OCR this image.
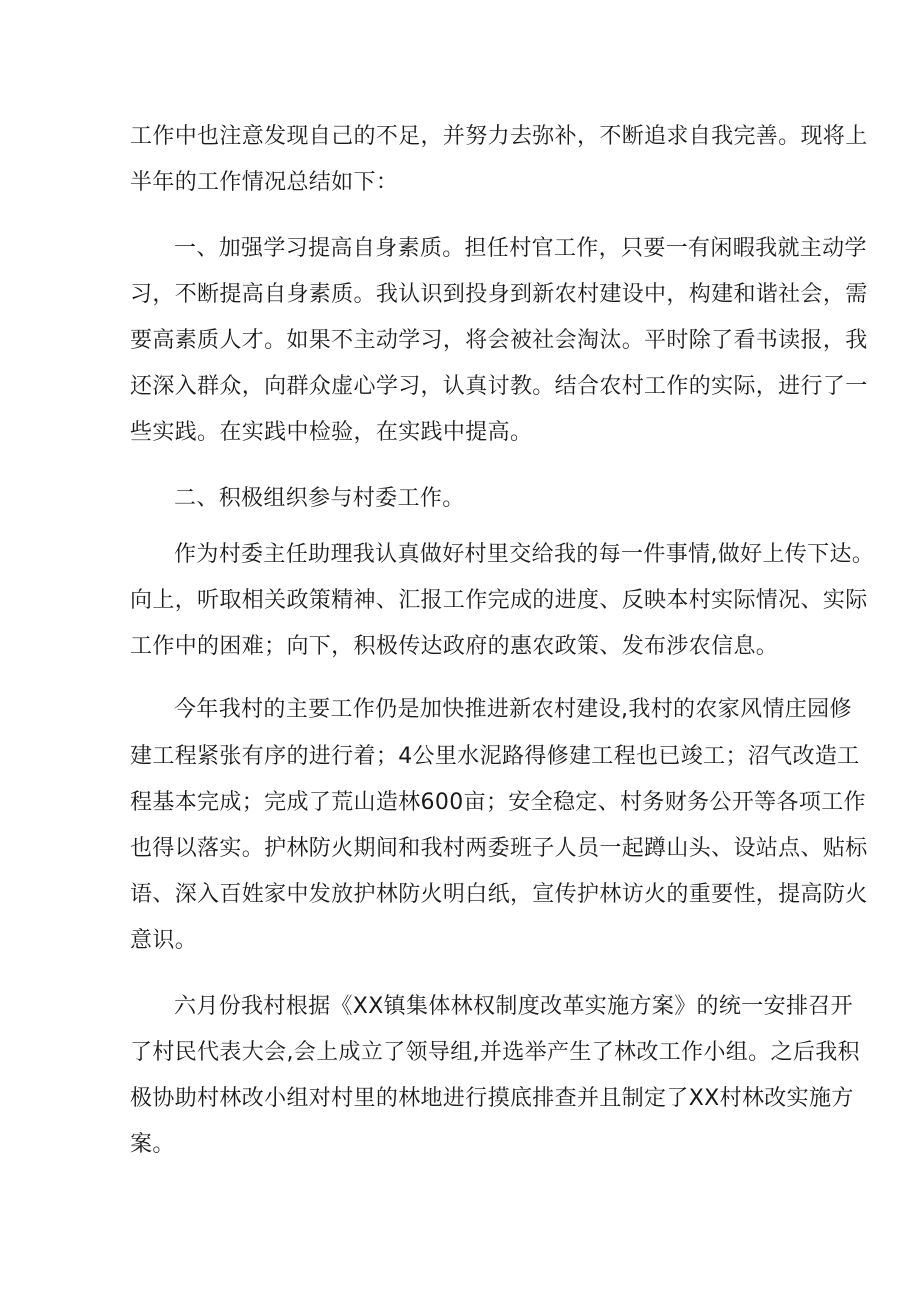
工作中也注意发现自己的不足，并努力去弥补，不断追求自我完善。现将上
半年的工作情况总结如下：
一、加强学习提高自身素质。担任村官工作，只要一有闲暇我就主动学
习，不断提高自身素质。我认识到投身到新农村建设中，构建和谐社会，需
要高素质人才。如果不主动学习，将会被社会淘汰。平时除了看书读报，我
还深入群众，向群众虚心学习，认真讨教。结合农村工作的实际，进行了一
些实践。在实践中检验，在实践中提高。
二、积极组织参与村委工作。
作为村委主任助理我认真做好村里交给我的每一件事情,做好上传下达。
向上，听取相关政策精神、汇报工作完成的进度、反映本村实际情况、实际
工作中的困难；向下，积极传达政府的惠农政策、发布涉农信息。
今年我村的主要工作仍是加快推进新农村建设,我村的农家风情庄园修
建工程紧张有序的进行着；4公里水泥路得修建工程也已竣工；沼气改造工
程基本完成；完成了荒山造林600亩；安全稳定、村务财务公开等各项工作
也得以落实。护林防火期间和我村两委班子人员一起蹲山头、设站点、贴标
语、深入百姓家中发放护林防火明白纸，宣传护林访火的重要性，提高防火
意识。
六月份我村根据《XX镇集体林权制度改革实施方案》的统一安排召开
了村民代表大会,会上成立了领导组,并选举产生了林改工作小组。之后我积
极协助村林改小组对村里的林地进行摸底排查并且制定了XX村林改实施方
案。
